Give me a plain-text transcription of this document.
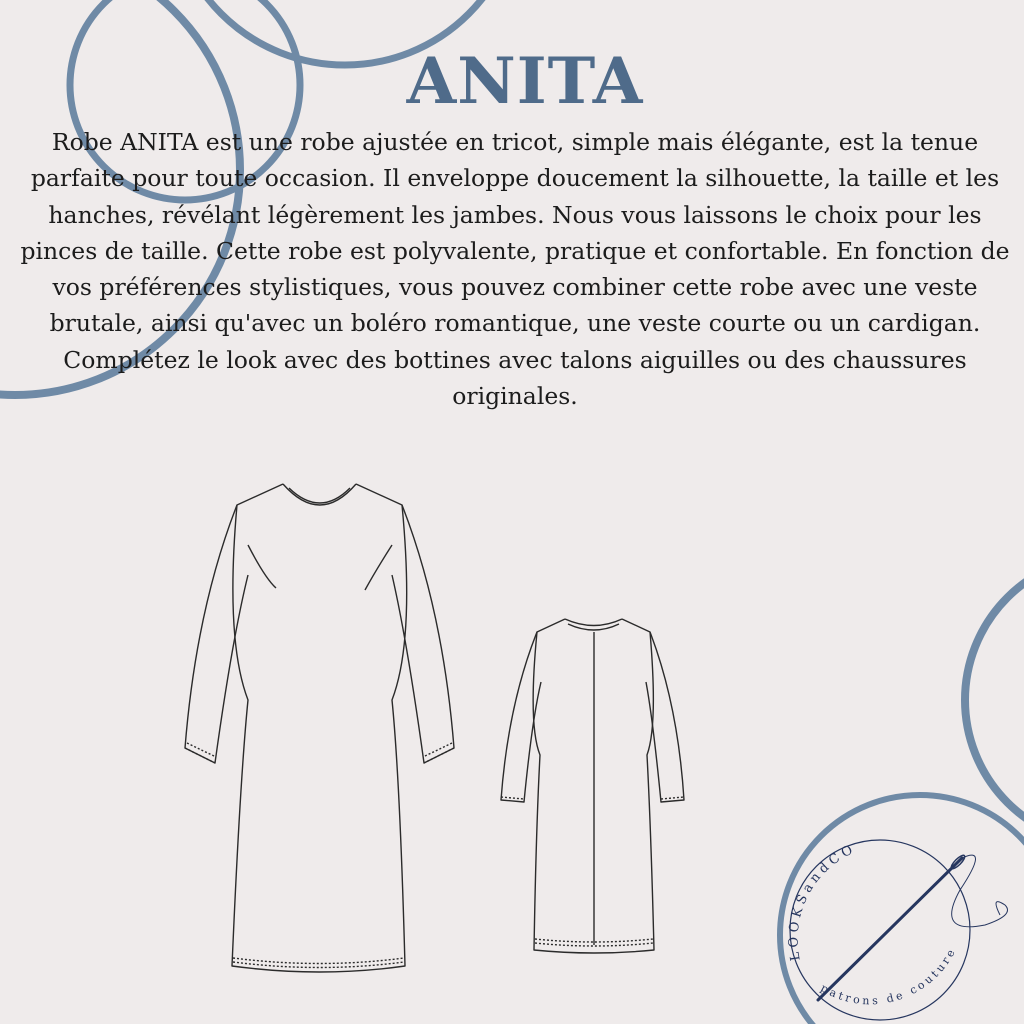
ANITA

Robe ANITA est une robe ajustée en tricot, simple mais élégante, est la tenue parfaite pour toute occasion. Il enveloppe doucement la silhouette, la taille et les hanches, révélant légèrement les jambes. Nous vous laissons le choix pour les pinces de taille. Cette robe est polyvalente, pratique et confortable. En fonction de vos préférences stylistiques, vous pouvez combiner cette robe avec une veste brutale, ainsi qu'avec un boléro romantique, une veste courte ou un cardigan. Complétez le look avec des bottines avec talons aiguilles ou des chaussures originales.

LOOKSandCO
patrons de couture
